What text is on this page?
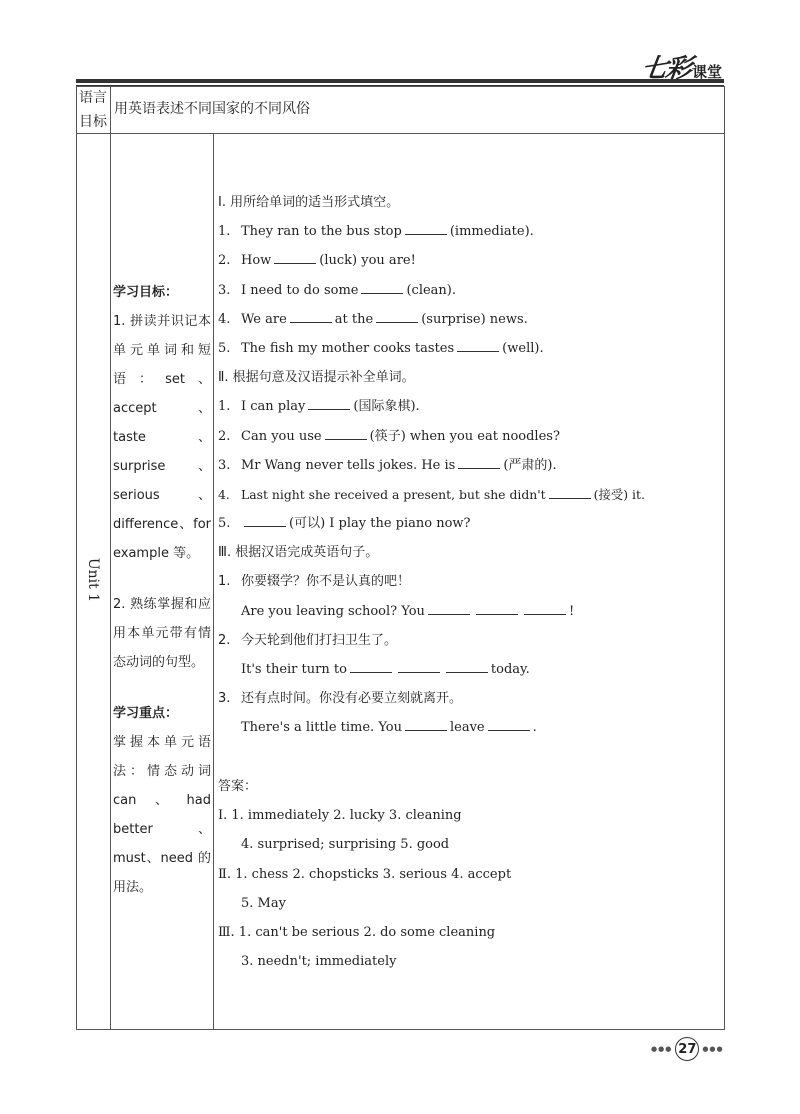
七彩 课堂
语言
目标
用英语表述不同国家的不同风俗
Unit 1
学习目标：

1. 拼读并识记本单元单词和短语：set、accept、taste、surprise、serious、difference、for example 等。

2. 熟练掌握和应用本单元带有情态动词的句型。

学习重点：

掌握本单元语法：情态动词 can、had better、must、need 的用法。

Ⅰ. 用所给单词的适当形式填空。
1. They ran to the bus stop	(immediate).
2. How	(luck) you are!
3. I need to do some	(clean).
4. We are	at the	(surprise) news.
5. The fish my mother cooks tastes	(well).
Ⅱ. 根据句意及汉语提示补全单词。
1. I can play	(国际象棋).
2. Can you use	(筷子) when you eat noodles?
3. Mr Wang never tells jokes. He is	(严肃的).
4. Last night she received a present, but she didn't	(接受) it.
5.	(可以) I play the piano now?
Ⅲ. 根据汉语完成英语句子。
1. 你要辍学？你不是认真的吧！
Are you leaving school? You	!
2. 今天轮到他们打扫卫生了。
It's their turn to	today.
3. 还有点时间。你没有必要立刻就离开。
There's a little time. You	leave	.
答案：
Ⅰ. 1. immediately 2. lucky 3. cleaning
4. surprised; surprising 5. good
Ⅱ. 1. chess 2. chopsticks 3. serious 4. accept
5. May
Ⅲ. 1. can't be serious 2. do some cleaning
3. needn't; immediately
●●● 27 ●●●
